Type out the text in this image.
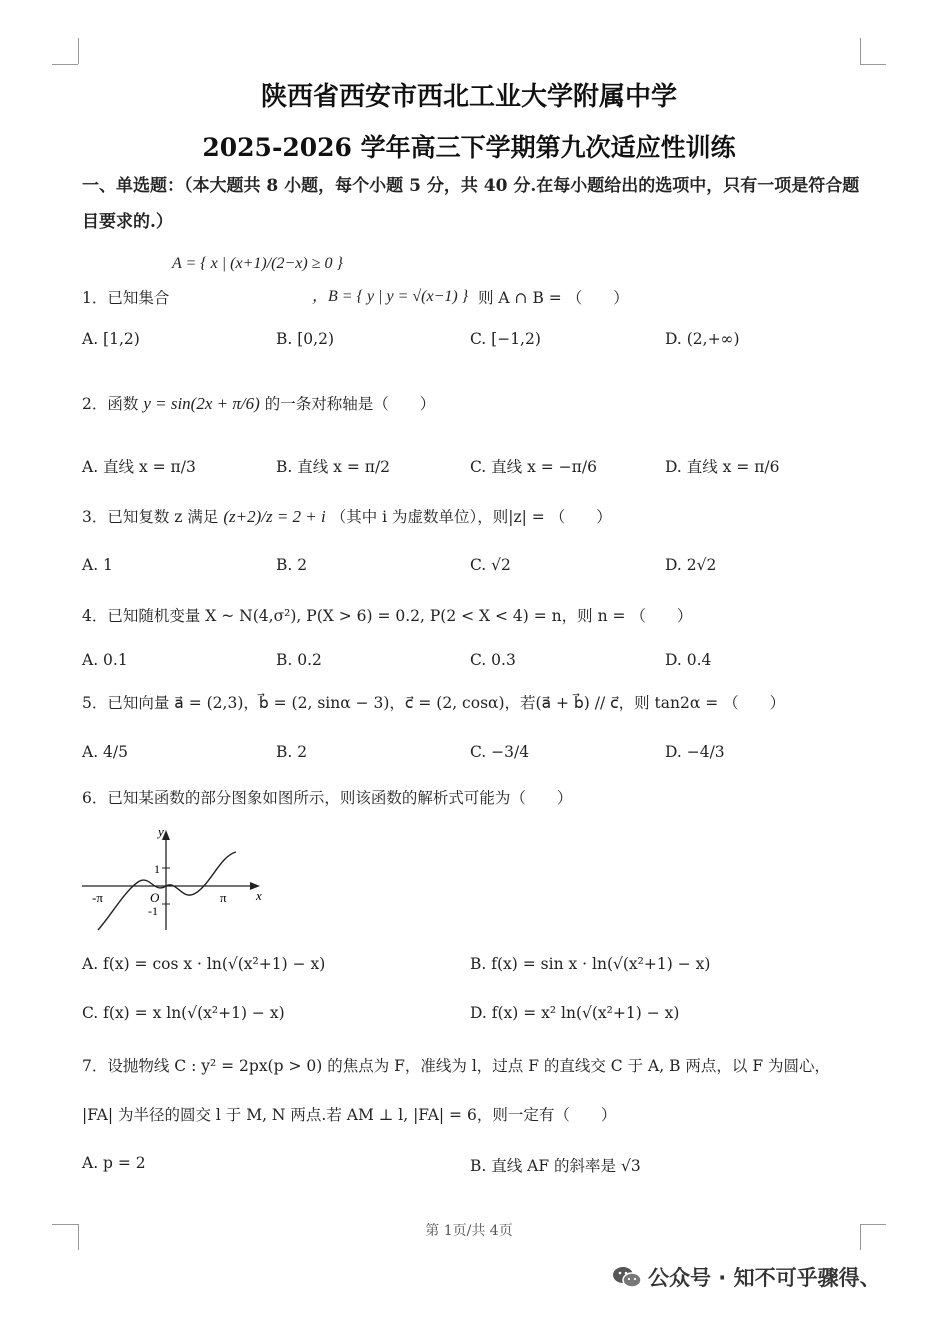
陕西省西安市西北工业大学附属中学
2025-2026 学年高三下学期第九次适应性训练
一、单选题：（本大题共 8 小题，每个小题 5 分，共 40 分.在每小题给出的选项中，只有一项是符合题目要求的.）
1．已知集合
A = { x | (x+1)/(2−x) ≥ 0 }
，B = { y | y = √(x−1) } 则 A ∩ B = （　　）
A. [1,2)	B. [0,2)	C. [−1,2)	D. (2,+∞)
2．函数 y = sin(2x + π/6) 的一条对称轴是（　　）
A. 直线 x = π/3	B. 直线 x = π/2	C. 直线 x = −π/6	D. 直线 x = π/6
3．已知复数 z 满足 (z+2)/z = 2 + i （其中 i 为虚数单位），则|z| = （　　）
A. 1	B. 2	C. √2	D. 2√2
4．已知随机变量 X ~ N(4,σ²), P(X > 6) = 0.2, P(2 < X < 4) = n，则 n = （　　）
A. 0.1	B. 0.2	C. 0.3	D. 0.4
5．已知向量 a⃗ = (2,3)，b⃗ = (2, sinα − 3)，c⃗ = (2, cosα)，若(a⃗ + b⃗) // c⃗，则 tan2α = （　　）
A. 4/5	B. 2	C. −3/4	D. −4/3
6．已知某函数的部分图象如图所示，则该函数的解析式可能为（　　）
y
x
O
1
-1
-π	π
A. f(x) = cos x · ln(√(x²+1) − x)	B. f(x) = sin x · ln(√(x²+1) − x)
C. f(x) = x ln(√(x²+1) − x)	D. f(x) = x² ln(√(x²+1) − x)
7．设抛物线 C : y² = 2px(p > 0) 的焦点为 F，准线为 l，过点 F 的直线交 C 于 A, B 两点，以 F 为圆心，
|FA| 为半径的圆交 l 于 M, N 两点.若 AM ⊥ l, |FA| = 6，则一定有（　　）
A. p = 2	B. 直线 AF 的斜率是 √3
第 1页/共 4页
公众号 · 知不可乎骤得、
